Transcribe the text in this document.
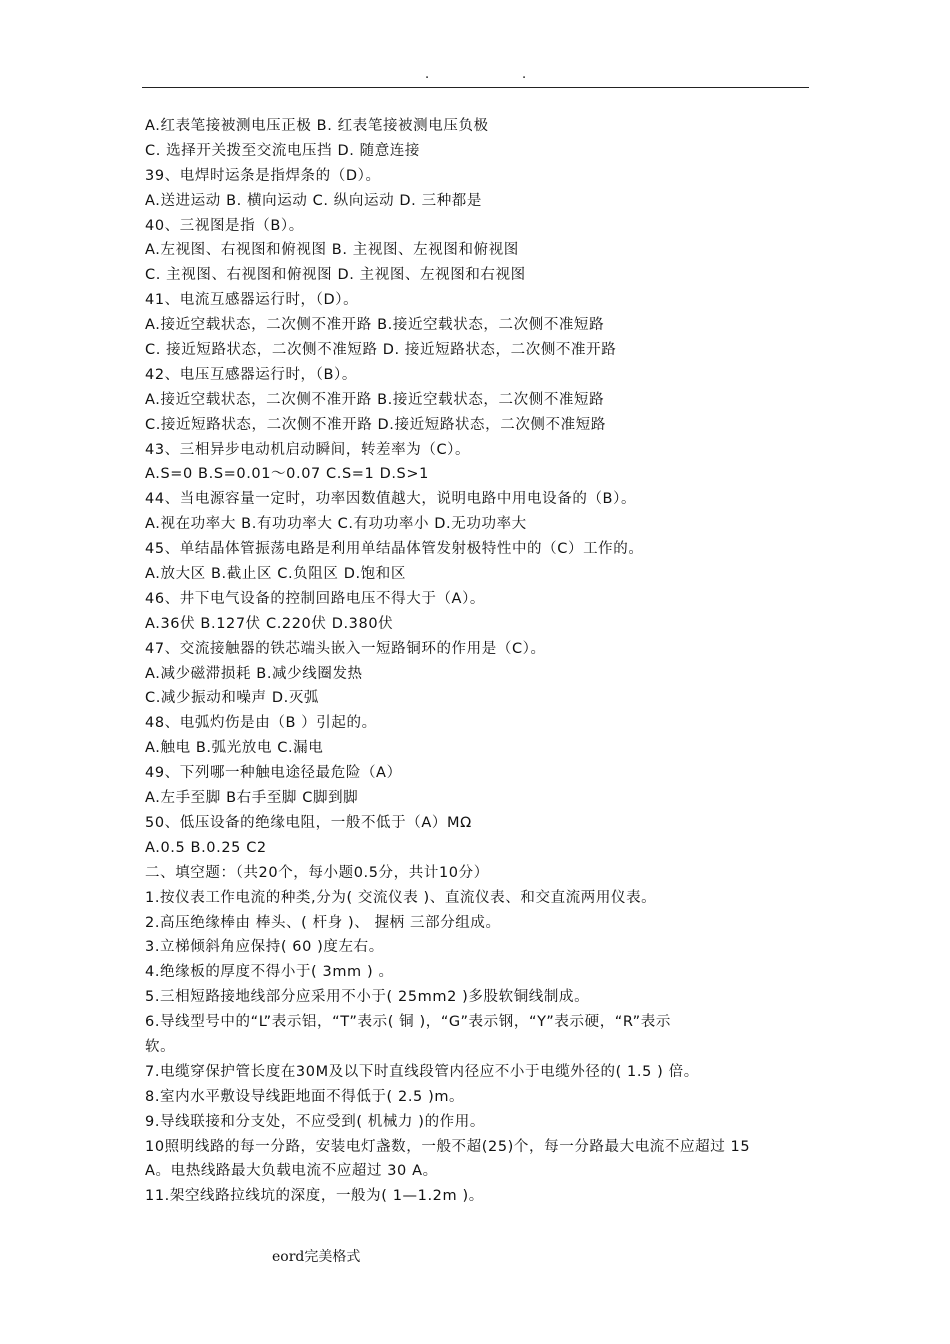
.	.
A.红表笔接被测电压正极 B. 红表笔接被测电压负极
C. 选择开关拨至交流电压挡 D. 随意连接
39、电焊时运条是指焊条的（D）。
A.送进运动 B. 横向运动 C. 纵向运动 D. 三种都是
40、三视图是指（B）。
A.左视图、右视图和俯视图 B. 主视图、左视图和俯视图
C. 主视图、右视图和俯视图 D. 主视图、左视图和右视图
41、电流互感器运行时，（D）。
A.接近空载状态，二次侧不准开路 B.接近空载状态，二次侧不准短路
C. 接近短路状态，二次侧不准短路 D. 接近短路状态，二次侧不准开路
42、电压互感器运行时，（B）。
A.接近空载状态，二次侧不准开路 B.接近空载状态，二次侧不准短路
C.接近短路状态，二次侧不准开路 D.接近短路状态，二次侧不准短路
43、三相异步电动机启动瞬间，转差率为（C）。
A.S=0 B.S=0.01～0.07 C.S=1 D.S>1
44、当电源容量一定时，功率因数值越大，说明电路中用电设备的（B）。
A.视在功率大 B.有功功率大 C.有功功率小 D.无功功率大
45、单结晶体管振荡电路是利用单结晶体管发射极特性中的（C）工作的。
A.放大区 B.截止区 C.负阻区 D.饱和区
46、井下电气设备的控制回路电压不得大于（A）。
A.36伏 B.127伏 C.220伏 D.380伏
47、交流接触器的铁芯端头嵌入一短路铜环的作用是（C）。
A.减少磁滞损耗 B.减少线圈发热
C.减少振动和噪声 D.灭弧
48、电弧灼伤是由（B ）引起的。
A.触电 B.弧光放电 C.漏电
49、下列哪一种触电途径最危险（A）
A.左手至脚 B右手至脚 C脚到脚
50、低压设备的绝缘电阻，一般不低于（A）MΩ
A.0.5 B.0.25 C2
二、填空题：（共20个，每小题0.5分，共计10分）
1.按仪表工作电流的种类,分为( 交流仪表 )、直流仪表、和交直流两用仪表。
2.高压绝缘棒由 棒头、( 杆身 )、 握柄 三部分组成。
3.立梯倾斜角应保持( 60 )度左右。
4.绝缘板的厚度不得小于( 3mm ) 。
5.三相短路接地线部分应采用不小于( 25mm2 )多股软铜线制成。
6.导线型号中的“L”表示铝，“T”表示( 铜 )，“G”表示钢，“Y”表示硬，“R”表示
软。
7.电缆穿保护管长度在30M及以下时直线段管内径应不小于电缆外径的( 1.5 ) 倍。
8.室内水平敷设导线距地面不得低于( 2.5 )m。
9.导线联接和分支处，不应受到( 机械力 )的作用。
10照明线路的每一分路，安装电灯盏数，一般不超(25)个，每一分路最大电流不应超过 15
A。电热线路最大负载电流不应超过 30 A。
11.架空线路拉线坑的深度，一般为( 1—1.2m )。
eord完美格式
